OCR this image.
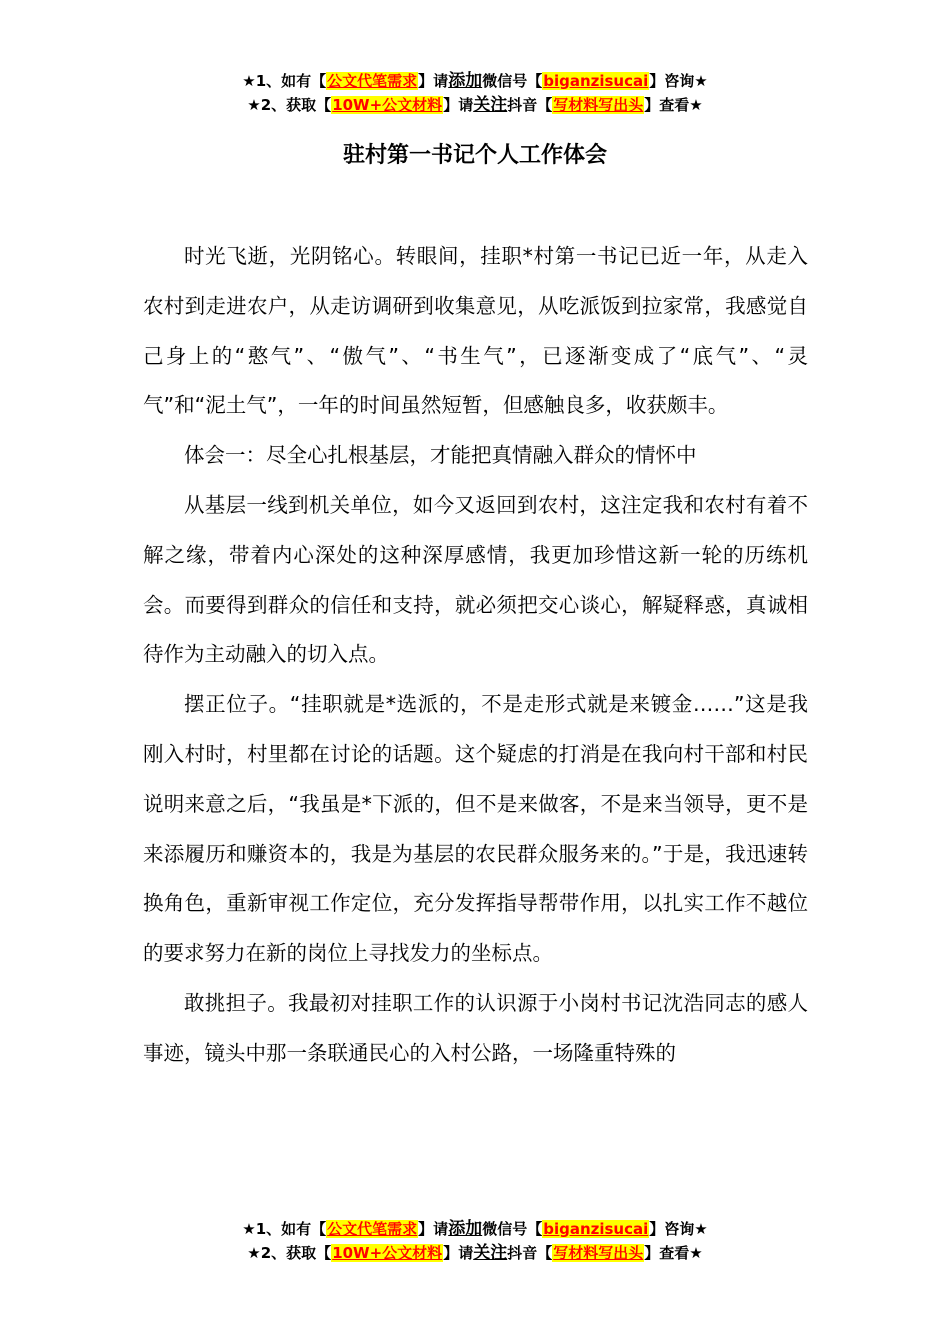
★1、如有【公文代笔需求】请添加微信号【biganzisucai】咨询★
★2、获取【10W+公文材料】请关注抖音【写材料写出头】查看★
驻村第一书记个人工作体会

时光飞逝，光阴铭心。转眼间，挂职*村第一书记已近一年，从走入农村到走进农户，从走访调研到收集意见，从吃派饭到拉家常，我感觉自己身上的“憨气”、“傲气”、“书生气”，已逐渐变成了“底气”、“灵气”和“泥土气”，一年的时间虽然短暂，但感触良多，收获颇丰。

体会一：尽全心扎根基层，才能把真情融入群众的情怀中

从基层一线到机关单位，如今又返回到农村，这注定我和农村有着不解之缘，带着内心深处的这种深厚感情，我更加珍惜这新一轮的历练机会。而要得到群众的信任和支持，就必须把交心谈心，解疑释惑，真诚相待作为主动融入的切入点。

摆正位子。“挂职就是*选派的，不是走形式就是来镀金……”这是我刚入村时，村里都在讨论的话题。这个疑虑的打消是在我向村干部和村民说明来意之后，“我虽是*下派的，但不是来做客，不是来当领导，更不是来添履历和赚资本的，我是为基层的农民群众服务来的。”于是，我迅速转换角色，重新审视工作定位，充分发挥指导帮带作用，以扎实工作不越位的要求努力在新的岗位上寻找发力的坐标点。

敢挑担子。我最初对挂职工作的认识源于小岗村书记沈浩同志的感人事迹，镜头中那一条联通民心的入村公路，一场隆重特殊的

★1、如有【公文代笔需求】请添加微信号【biganzisucai】咨询★
★2、获取【10W+公文材料】请关注抖音【写材料写出头】查看★
